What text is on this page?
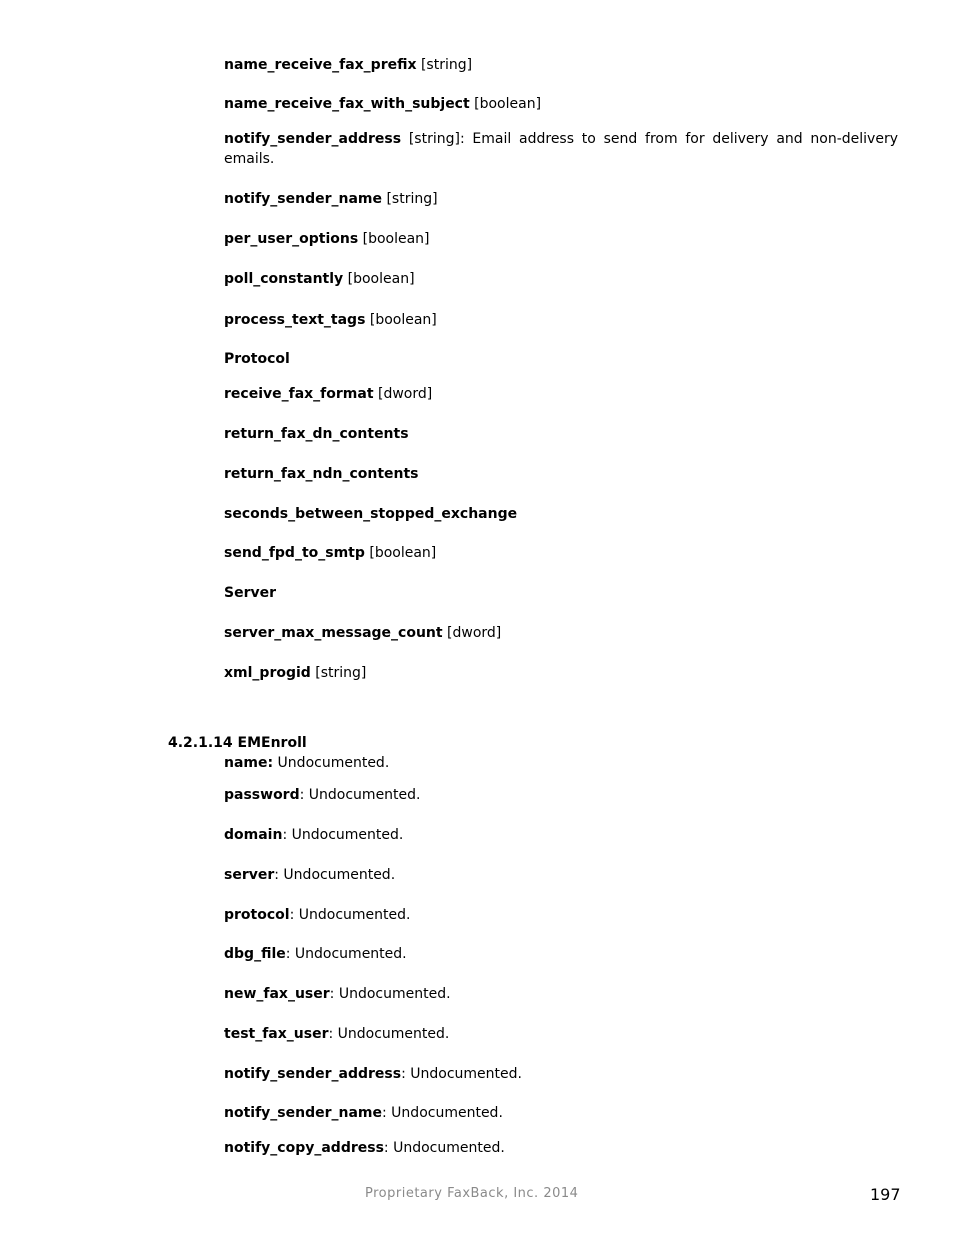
name_receive_fax_prefix [string]
name_receive_fax_with_subject [boolean]
notify_sender_address [string]: Email address to send from for delivery and non-delivery emails.
notify_sender_name [string]
per_user_options [boolean]
poll_constantly [boolean]
process_text_tags [boolean]
Protocol
receive_fax_format [dword]
return_fax_dn_contents
return_fax_ndn_contents
seconds_between_stopped_exchange
send_fpd_to_smtp [boolean]
Server
server_max_message_count [dword]
xml_progid [string]
4.2.1.14 EMEnroll
name: Undocumented.
password: Undocumented.
domain: Undocumented.
server: Undocumented.
protocol: Undocumented.
dbg_file: Undocumented.
new_fax_user: Undocumented.
test_fax_user: Undocumented.
notify_sender_address: Undocumented.
notify_sender_name: Undocumented.
notify_copy_address: Undocumented.
Proprietary FaxBack, Inc. 2014	197
